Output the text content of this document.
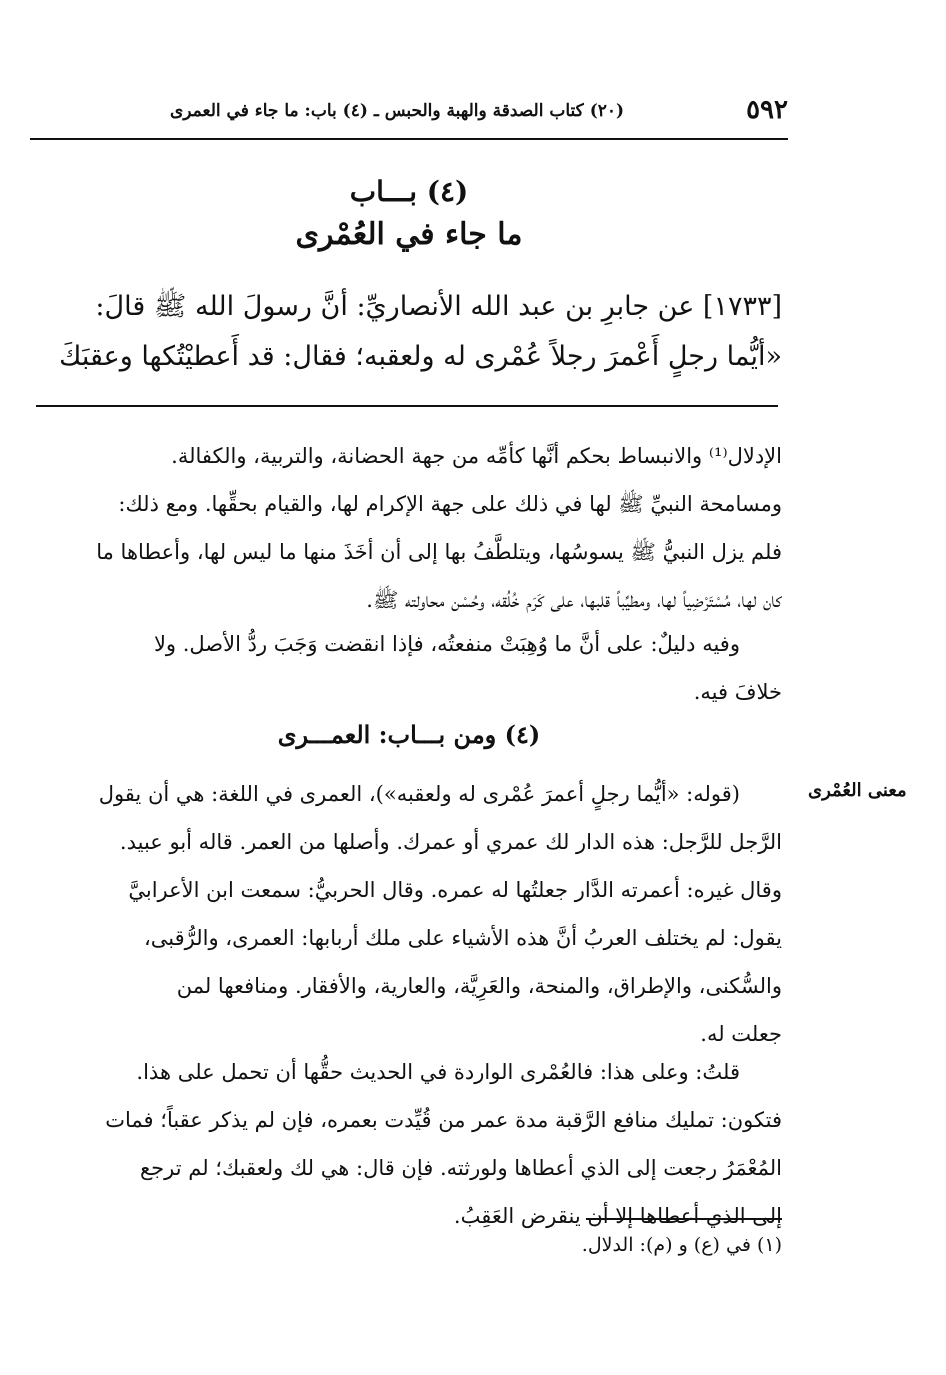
٥٩٢
(٢٠) كتاب الصدقة والهبة والحبس ـ (٤) باب: ما جاء في العمرى
(٤) بـــاب
ما جاء في العُمْرى
[١٧٣٣] عن جابرِ بن عبد الله الأنصاريِّ: أنَّ رسولَ الله ﷺ قالَ:
«أيُّما رجلٍ أَعْمرَ رجلاً عُمْرى له ولعقبه؛ فقال: قد أَعطيْتُكها وعقبَكَ
الإدلال⁽¹⁾ والانبساط بحكم أنَّها كأمِّه من جهة الحضانة، والتربية، والكفالة.
ومسامحة النبيِّ ﷺ لها في ذلك على جهة الإكرام لها، والقيام بحقِّها. ومع ذلك:
فلم يزل النبيُّ ﷺ يسوسُها، ويتلطَّفُ بها إلى أن أخَذَ منها ما ليس لها، وأعطاها ما
كان لها، مُسْتَرْضِياً لها، ومطيِّباً قلبها، على كَرَم خُلُقه، وحُسْن محاولته ﷺ.
وفيه دليلٌ: على أنَّ ما وُهِبَتْ منفعتُه، فإذا انقضت وَجَبَ ردُّ الأصل. ولا
خلافَ فيه.
(٤) ومن بـــاب: العمـــرى
معنى العُمْرى
(قوله: «أيُّما رجلٍ أعمرَ عُمْرى له ولعقبه»)، العمرى في اللغة: هي أن يقول
الرَّجل للرَّجل: هذه الدار لك عمري أو عمرك. وأصلها من العمر. قاله أبو عبيد.
وقال غيره: أعمرته الدَّار جعلتُها له عمره. وقال الحربيُّ: سمعت ابن الأعرابيَّ
يقول: لم يختلف العربُ أنَّ هذه الأشياء على ملك أربابها: العمرى، والرُّقبى،
والسُّكنى، والإطراق، والمنحة، والعَرِيَّة، والعارية، والأفقار. ومنافعها لمن
جعلت له.
قلتُ: وعلى هذا: فالعُمْرى الواردة في الحديث حقُّها أن تحمل على هذا.
فتكون: تمليك منافع الرَّقبة مدة عمر من قُيِّدت بعمره، فإن لم يذكر عقباً؛ فمات
المُعْمَرُ رجعت إلى الذي أعطاها ولورثته. فإن قال: هي لك ولعقبك؛ لم ترجع
إلى الذي أعطاها إلا أن ينقرض العَقِبُ.
(١) في (ع) و (م): الدلال.
